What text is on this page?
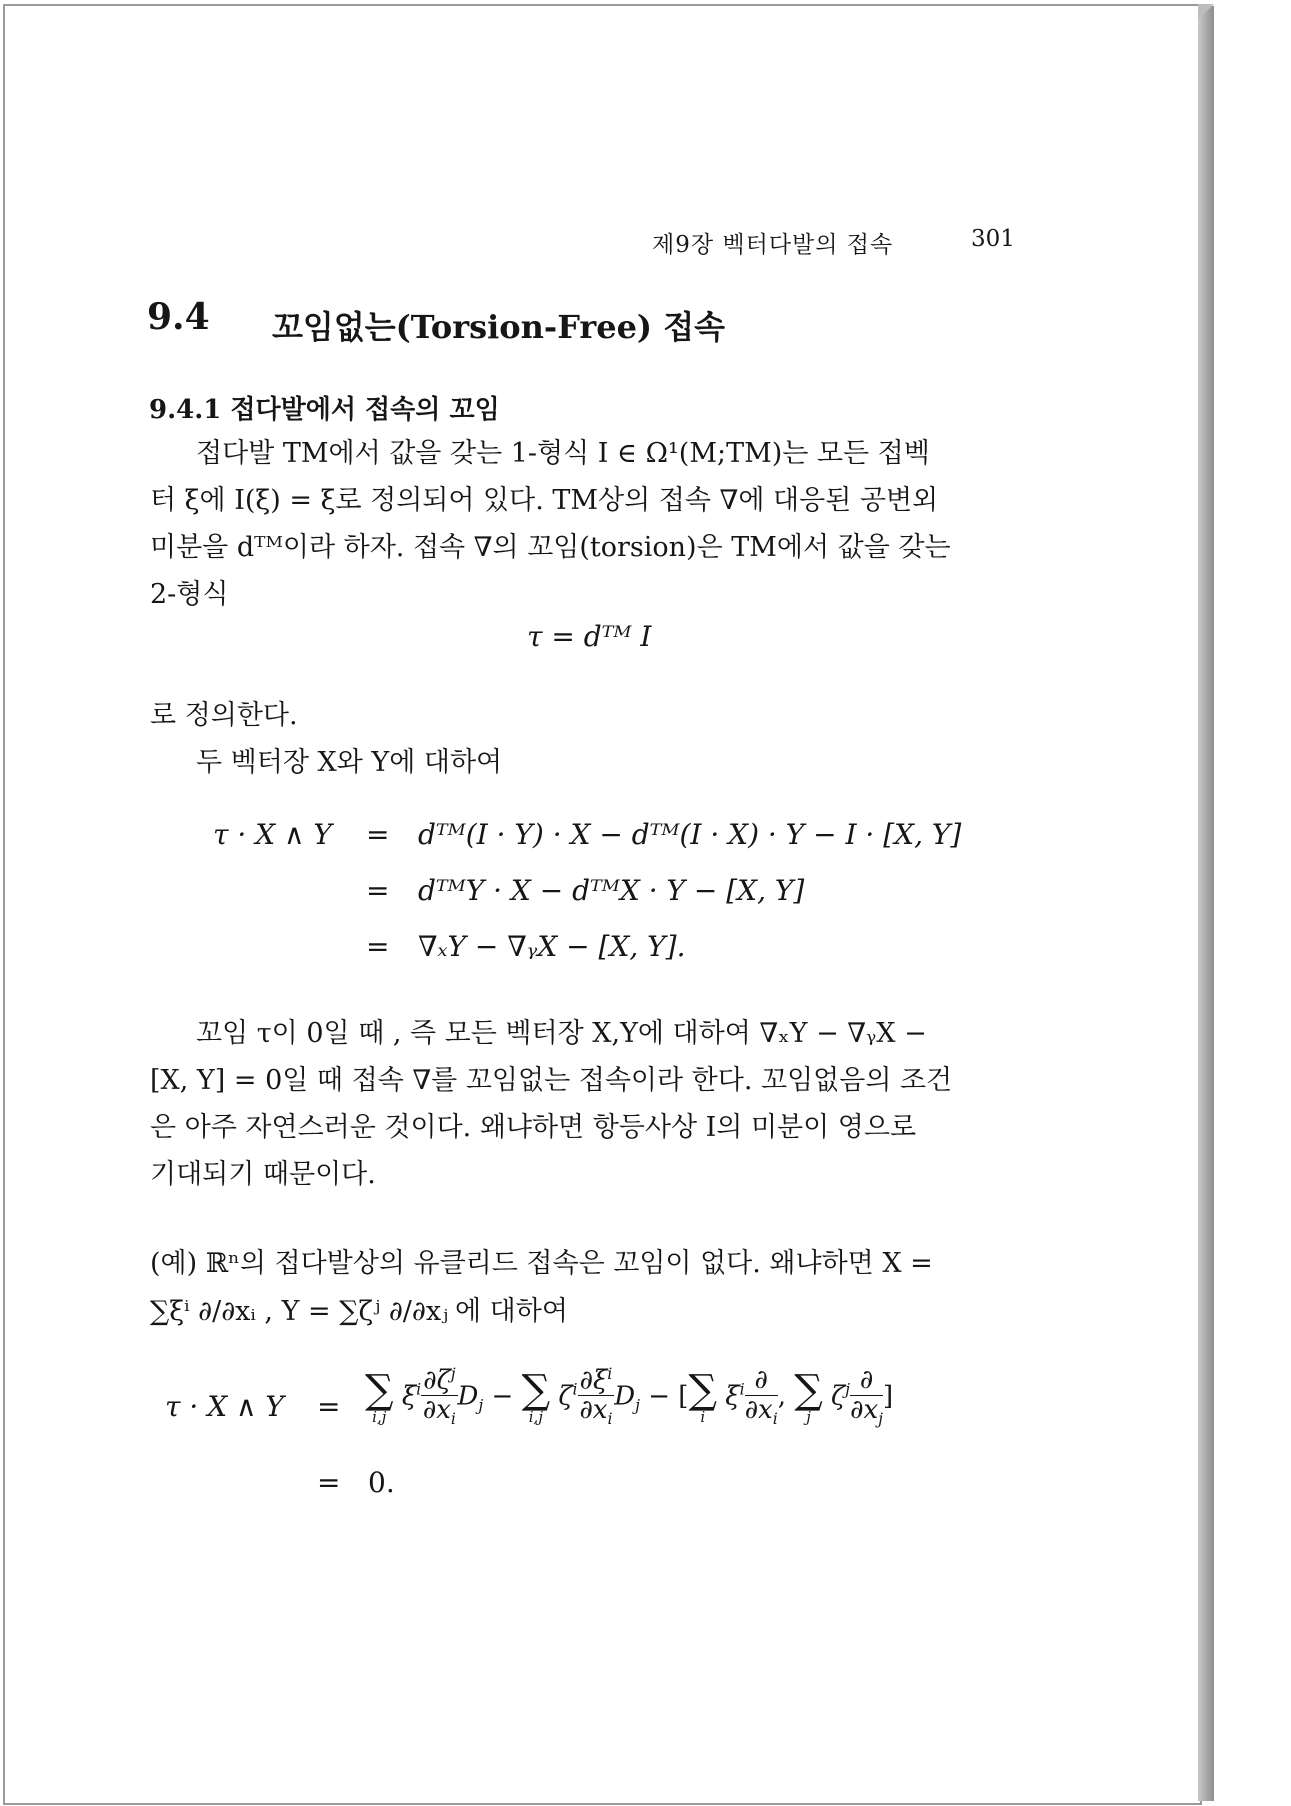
제9장 벡터다발의 접속	301
9.4 꼬임없는(Torsion-Free) 접속
9.4.1 접다발에서 접속의 꼬임
접다발 TM에서 값을 갖는 1-형식 I ∈ Ω¹(M;TM)는 모든 접벡
터 ξ에 I(ξ) = ξ로 정의되어 있다. TM상의 접속 ∇에 대응된 공변외
미분을 dᵀᴹ이라 하자. 접속 ∇의 꼬임(torsion)은 TM에서 값을 갖는
2-형식
τ = dᵀᴹ I
로 정의한다.
두 벡터장 X와 Y에 대하여
τ · X ∧ Y = dᵀᴹ(I · Y) · X − dᵀᴹ(I · X) · Y − I · [X, Y]
= dᵀᴹY · X − dᵀᴹX · Y − [X, Y]
= ∇ₓY − ∇ᵧX − [X, Y].
꼬임 τ이 0일 때 , 즉 모든 벡터장 X,Y에 대하여 ∇ₓY − ∇ᵧX −
[X, Y] = 0일 때 접속 ∇를 꼬임없는 접속이라 한다. 꼬임없음의 조건
은 아주 자연스러운 것이다. 왜냐하면 항등사상 I의 미분이 영으로
기대되기 때문이다.
(예) ℝⁿ의 접다발상의 유클리드 접속은 꼬임이 없다. 왜냐하면 X =
∑ξⁱ ∂/∂xᵢ , Y = ∑ζʲ ∂/∂xⱼ 에 대하여
τ · X ∧ Y = ∑
i,j
$\xi^i \frac{\partial\zeta^j}{\partial x_i} D_j$ − ∑
i,j
$\zeta^i \frac{\partial\xi^i}{\partial x_i} D_j$ − [ ∑
i
$\xi^i \frac{\partial}{\partial x_i}$ , ∑
j
$\zeta^j \frac{\partial}{\partial x_j}$ ]
= 0.
